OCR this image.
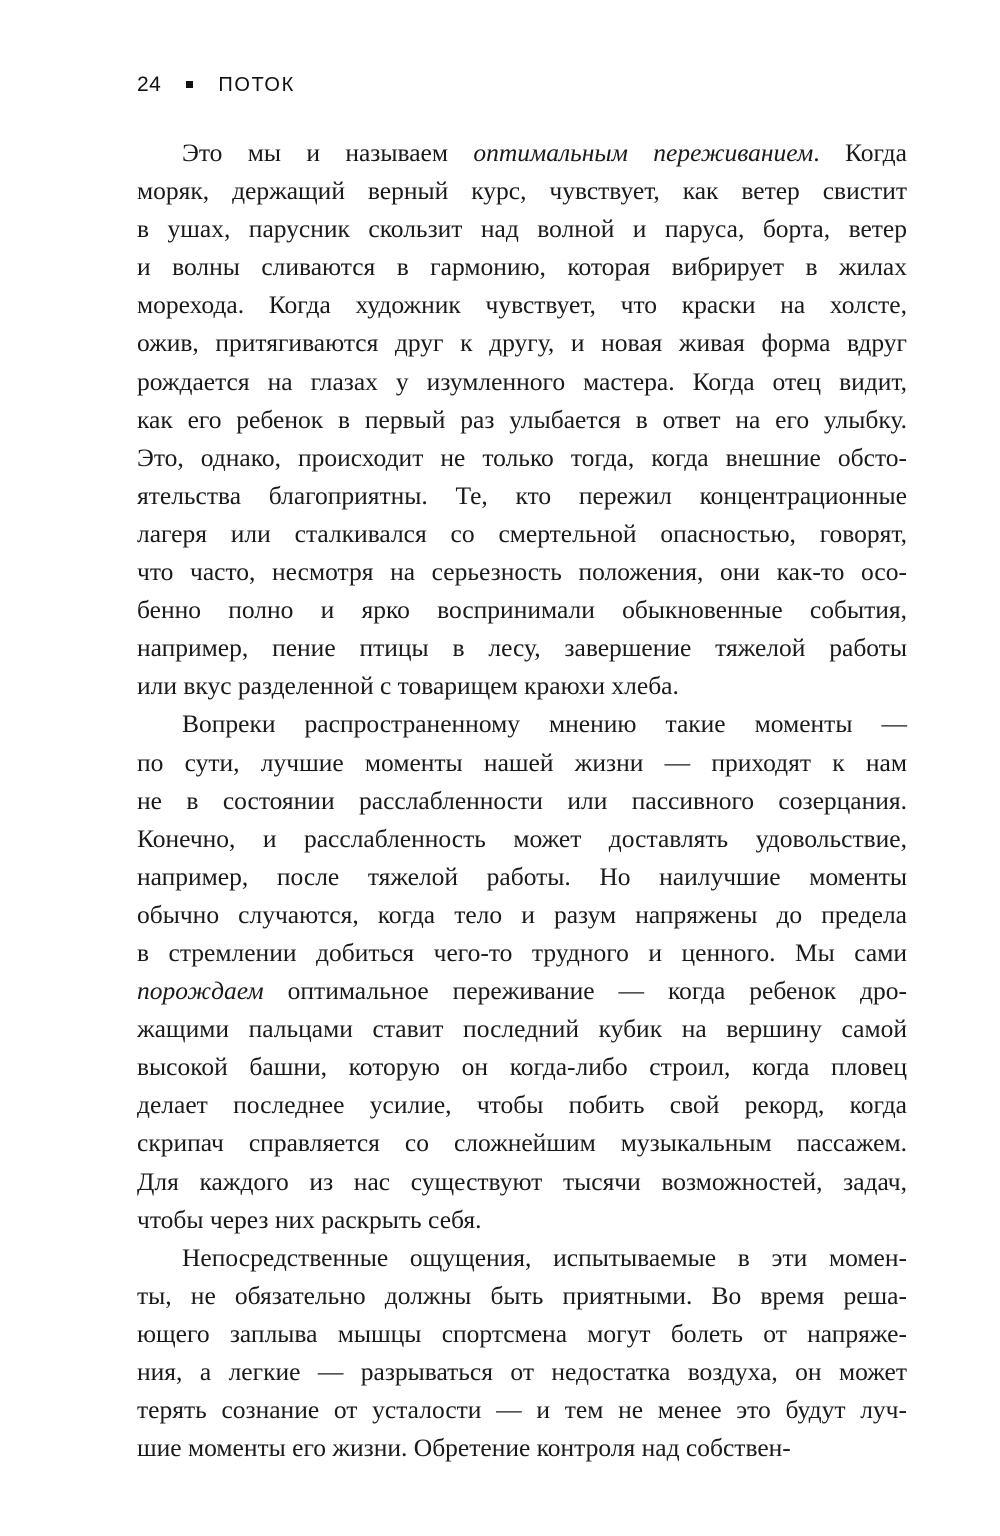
24	ПОТОК

Это мы и называем оптимальным переживанием. Когда
моряк, держащий верный курс, чувствует, как ветер свистит
в ушах, парусник скользит над волной и паруса, борта, ветер
и волны сливаются в гармонию, которая вибрирует в жилах
морехода. Когда художник чувствует, что краски на холсте,
ожив, притягиваются друг к другу, и новая живая форма вдруг
рождается на глазах у изумленного мастера. Когда отец видит,
как его ребенок в первый раз улыбается в ответ на его улыбку.
Это, однако, происходит не только тогда, когда внешние обсто-
ятельства благоприятны. Те, кто пережил концентрационные
лагеря или сталкивался со смертельной опасностью, говорят,
что часто, несмотря на серьезность положения, они как-то осо-
бенно полно и ярко воспринимали обыкновенные события,
например, пение птицы в лесу, завершение тяжелой работы
или вкус разделенной с товарищем краюхи хлеба.

Вопреки распространенному мнению такие моменты —
по сути, лучшие моменты нашей жизни — приходят к нам
не в состоянии расслабленности или пассивного созерцания.
Конечно, и расслабленность может доставлять удовольствие,
например, после тяжелой работы. Но наилучшие моменты
обычно случаются, когда тело и разум напряжены до предела
в стремлении добиться чего-то трудного и ценного. Мы сами
порождаем оптимальное переживание — когда ребенок дро-
жащими пальцами ставит последний кубик на вершину самой
высокой башни, которую он когда-либо строил, когда пловец
делает последнее усилие, чтобы побить свой рекорд, когда
скрипач справляется со сложнейшим музыкальным пассажем.
Для каждого из нас существуют тысячи возможностей, задач,
чтобы через них раскрыть себя.

Непосредственные ощущения, испытываемые в эти момен-
ты, не обязательно должны быть приятными. Во время реша-
ющего заплыва мышцы спортсмена могут болеть от напряже-
ния, а легкие — разрываться от недостатка воздуха, он может
терять сознание от усталости — и тем не менее это будут луч-
шие моменты его жизни. Обретение контроля над собствен-
